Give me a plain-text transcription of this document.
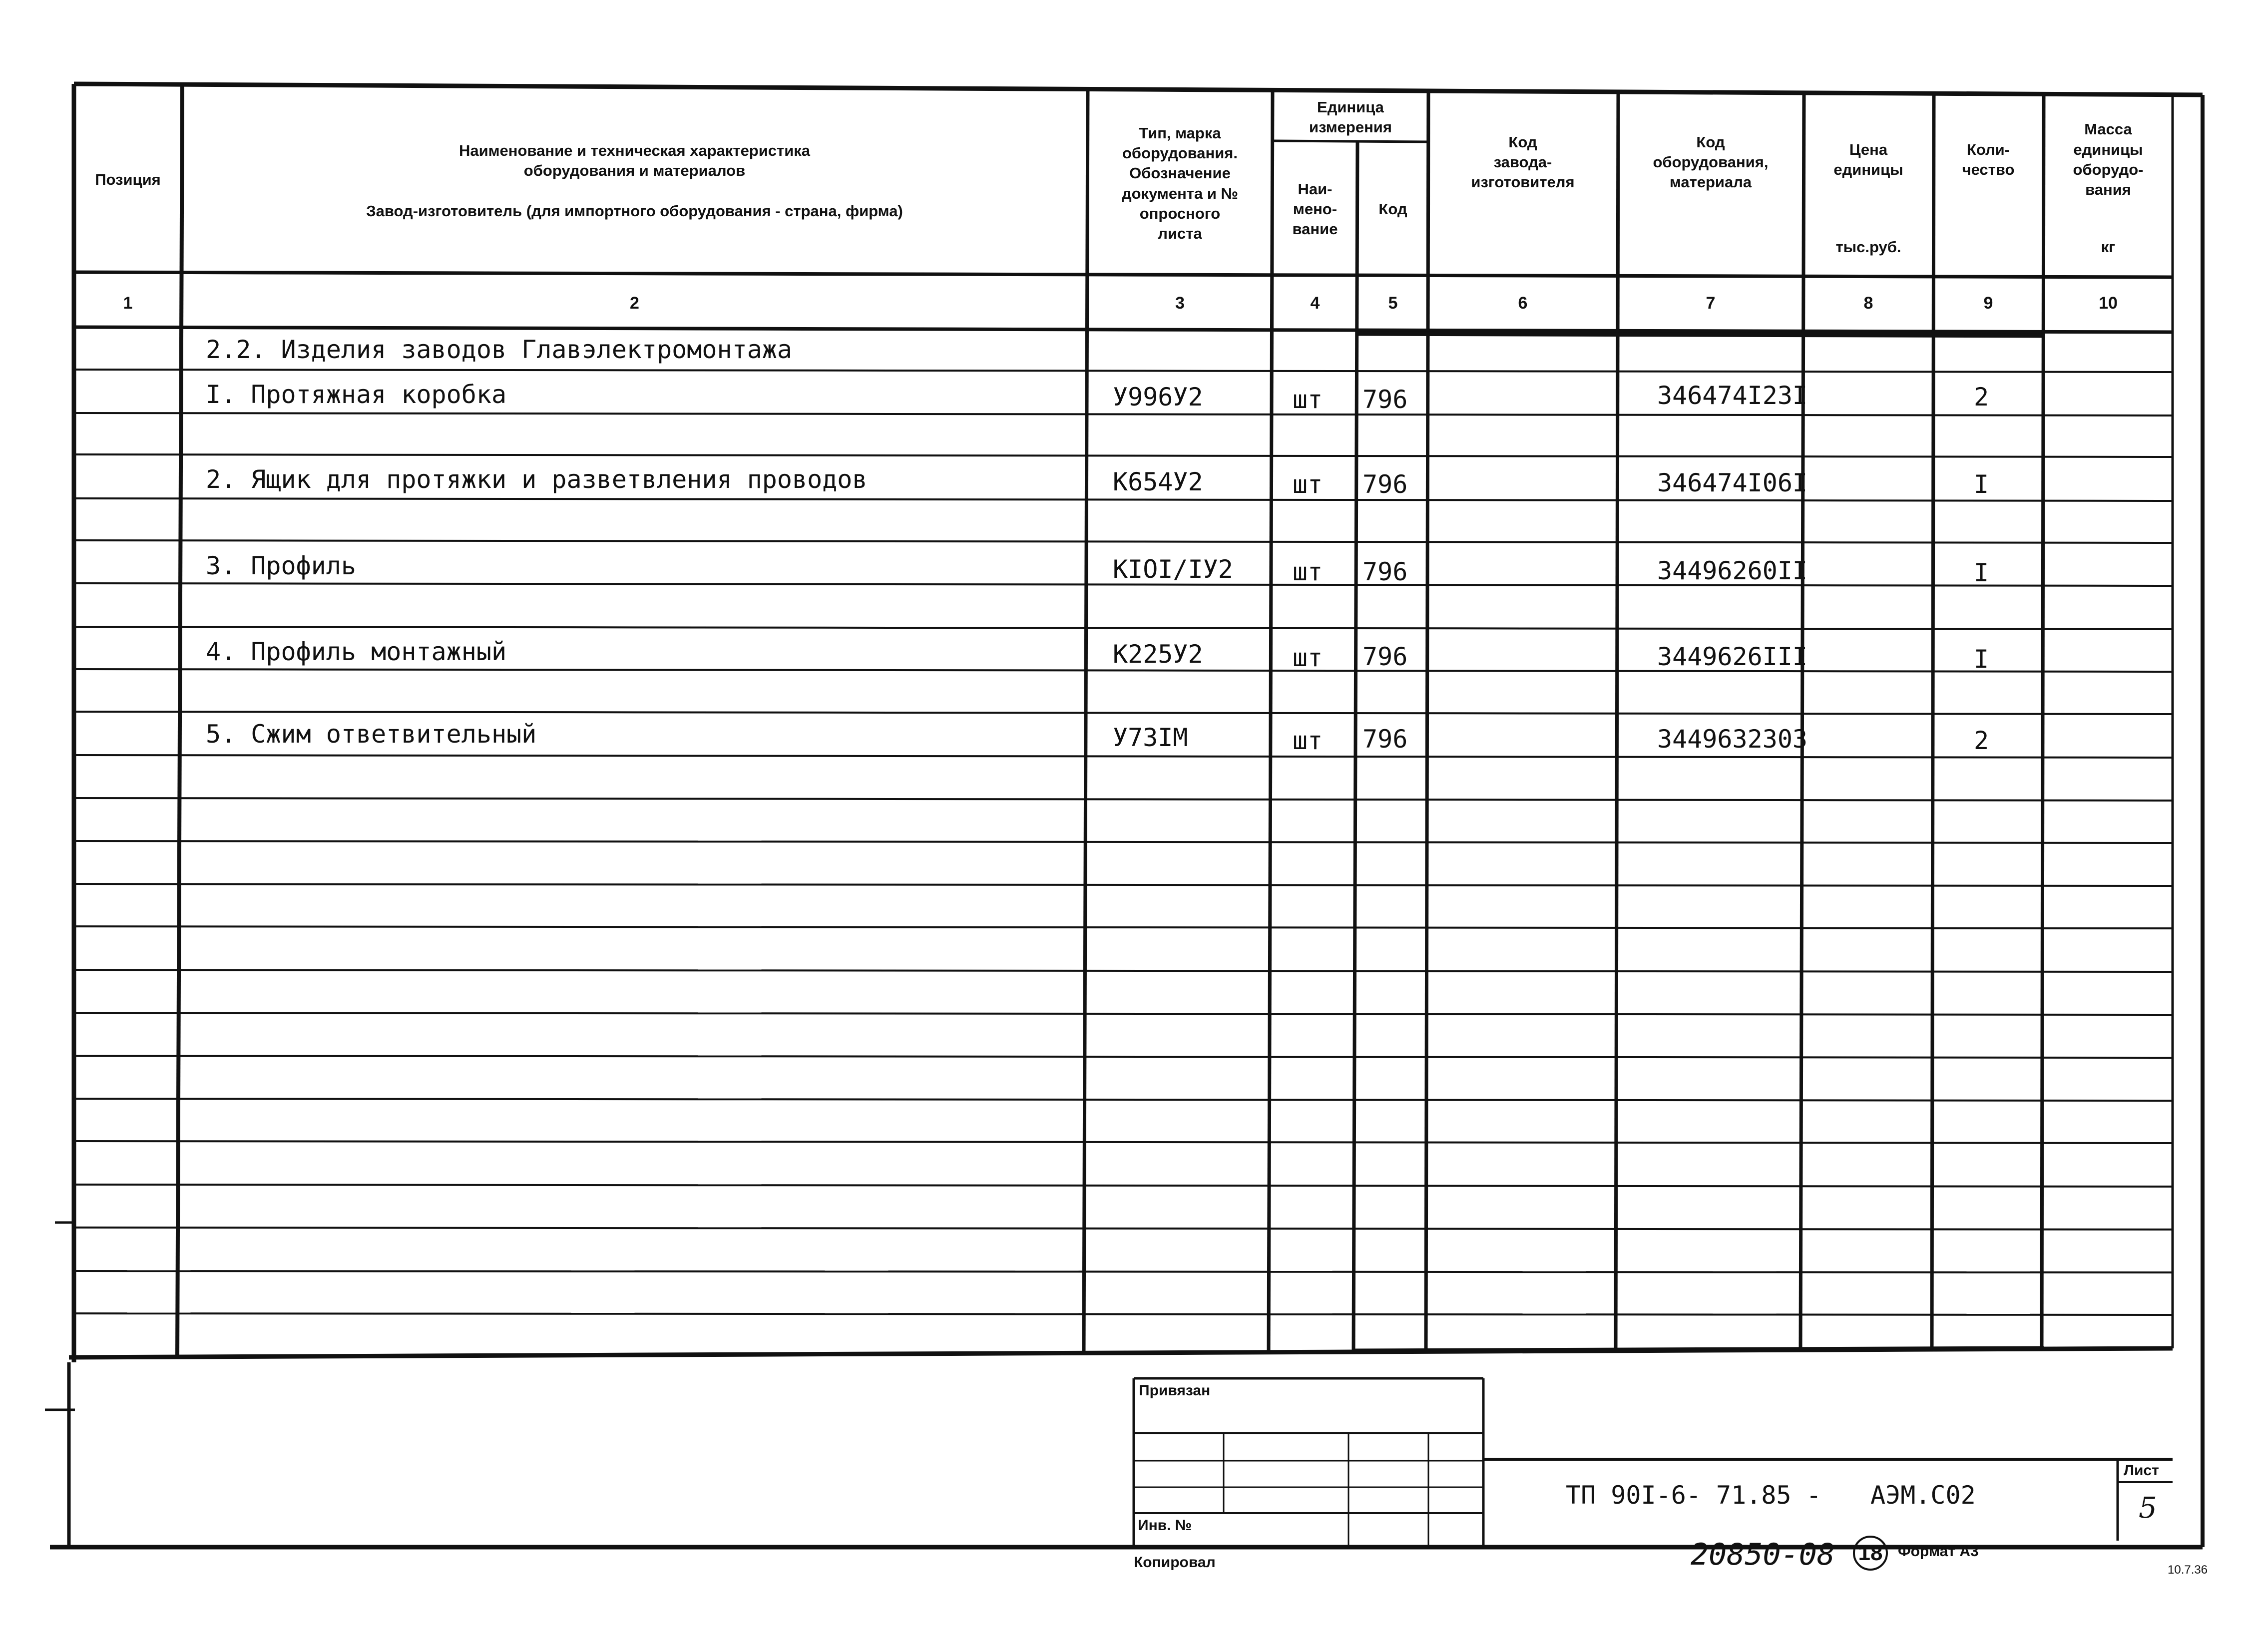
Позиция
Наименование и техническая характеристика
оборудования и материалов

Завод-изготовитель (для импортного оборудования - страна, фирма)
Тип, марка
оборудования.
Обозначение
документа и №
опросного
листа
Единица
измерения
Наи-
мено-
вание
Код
Код
завода-
изготовителя
Код
оборудования,
материала
Цена
единицы
тыс.руб.
Коли-
чество
Масса
единицы
оборудо-
вания
кг
1	2	3	4	5	6	7	8	9	10
2.2. Изделия заводов Главэлектромонтажа
I. Протяжная коробка	У996У2	шт 796	346474I23I	2
2. Ящик для протяжки и разветвления проводов	К654У2	шт 796	346474I06I	I
3. Профиль	КIОI/IУ2 шт 796	34496260II	I
4. Профиль монтажный	К225У2	шт 796	3449626III	I
5. Сжим ответвительный	У73IМ	шт 796	3449632303	2
Привязан
Инв. №
Копировал
ТП 90I-6- 71.85 - АЭМ.С02
Лист
5
20850-08 18	Формат А3
10.7.36
